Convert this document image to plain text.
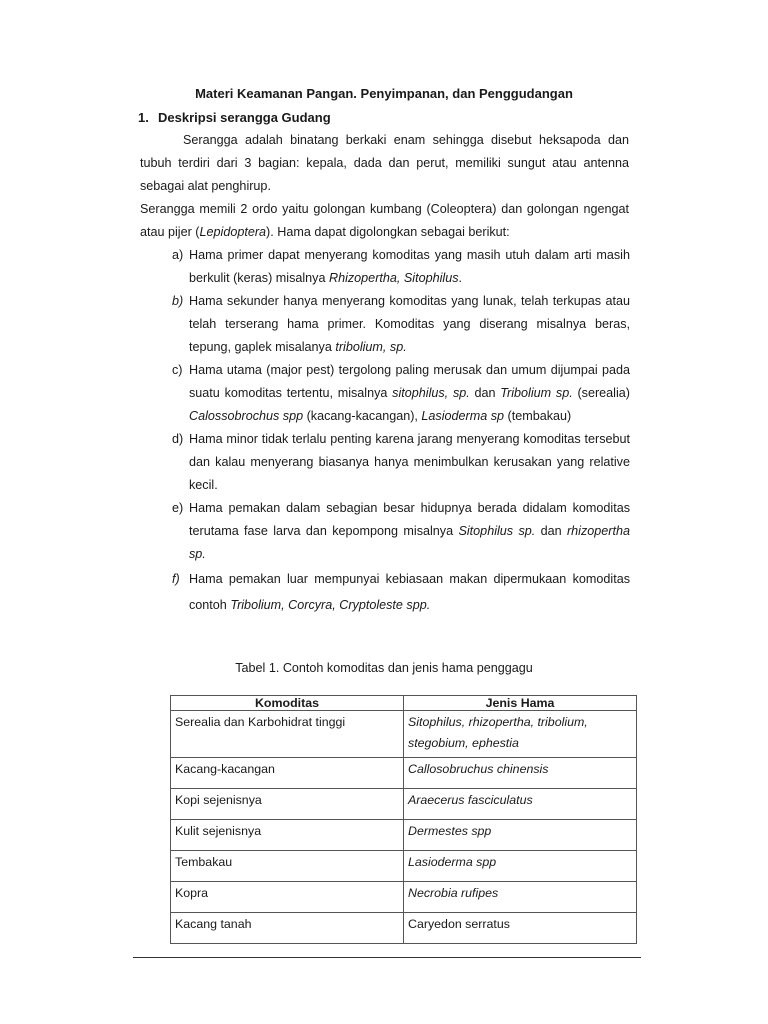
Materi Keamanan Pangan. Penyimpanan, dan Penggudangan
1. Deskripsi serangga Gudang

Serangga adalah binatang berkaki enam sehingga disebut heksapoda dan tubuh terdiri dari 3 bagian: kepala, dada dan perut, memiliki sungut atau antenna sebagai alat penghirup.

Serangga memili 2 ordo yaitu golongan kumbang (Coleoptera) dan golongan ngengat atau pijer (Lepidoptera). Hama dapat digolongkan sebagai berikut:

a) Hama primer dapat menyerang komoditas yang masih utuh dalam arti masih berkulit (keras) misalnya Rhizopertha, Sitophilus.
b) Hama sekunder hanya menyerang komoditas yang lunak, telah terkupas atau telah terserang hama primer. Komoditas yang diserang misalnya beras, tepung, gaplek misalanya tribolium, sp.
c) Hama utama (major pest) tergolong paling merusak dan umum dijumpai pada suatu komoditas tertentu, misalnya sitophilus, sp. dan Tribolium sp. (serealia) Calossobrochus spp (kacang-kacangan), Lasioderma sp (tembakau)
d) Hama minor tidak terlalu penting karena jarang menyerang komoditas tersebut dan kalau menyerang biasanya hanya menimbulkan kerusakan yang relative kecil.
e) Hama pemakan dalam sebagian besar hidupnya berada didalam komoditas terutama fase larva dan kepompong misalnya Sitophilus sp. dan rhizopertha sp.
f) Hama pemakan luar mempunyai kebiasaan makan dipermukaan komoditas contoh Tribolium, Corcyra, Cryptoleste spp.
Tabel 1. Contoh komoditas dan jenis hama penggagu
Komoditas	Jenis Hama
Serealia dan Karbohidrat tinggi	Sitophilus, rhizopertha, tribolium, stegobium, ephestia
Kacang-kacangan	Callosobruchus chinensis
Kopi sejenisnya	Araecerus fasciculatus
Kulit sejenisnya	Dermestes spp
Tembakau	Lasioderma spp
Kopra	Necrobia rufipes
Kacang tanah	Caryedon serratus
